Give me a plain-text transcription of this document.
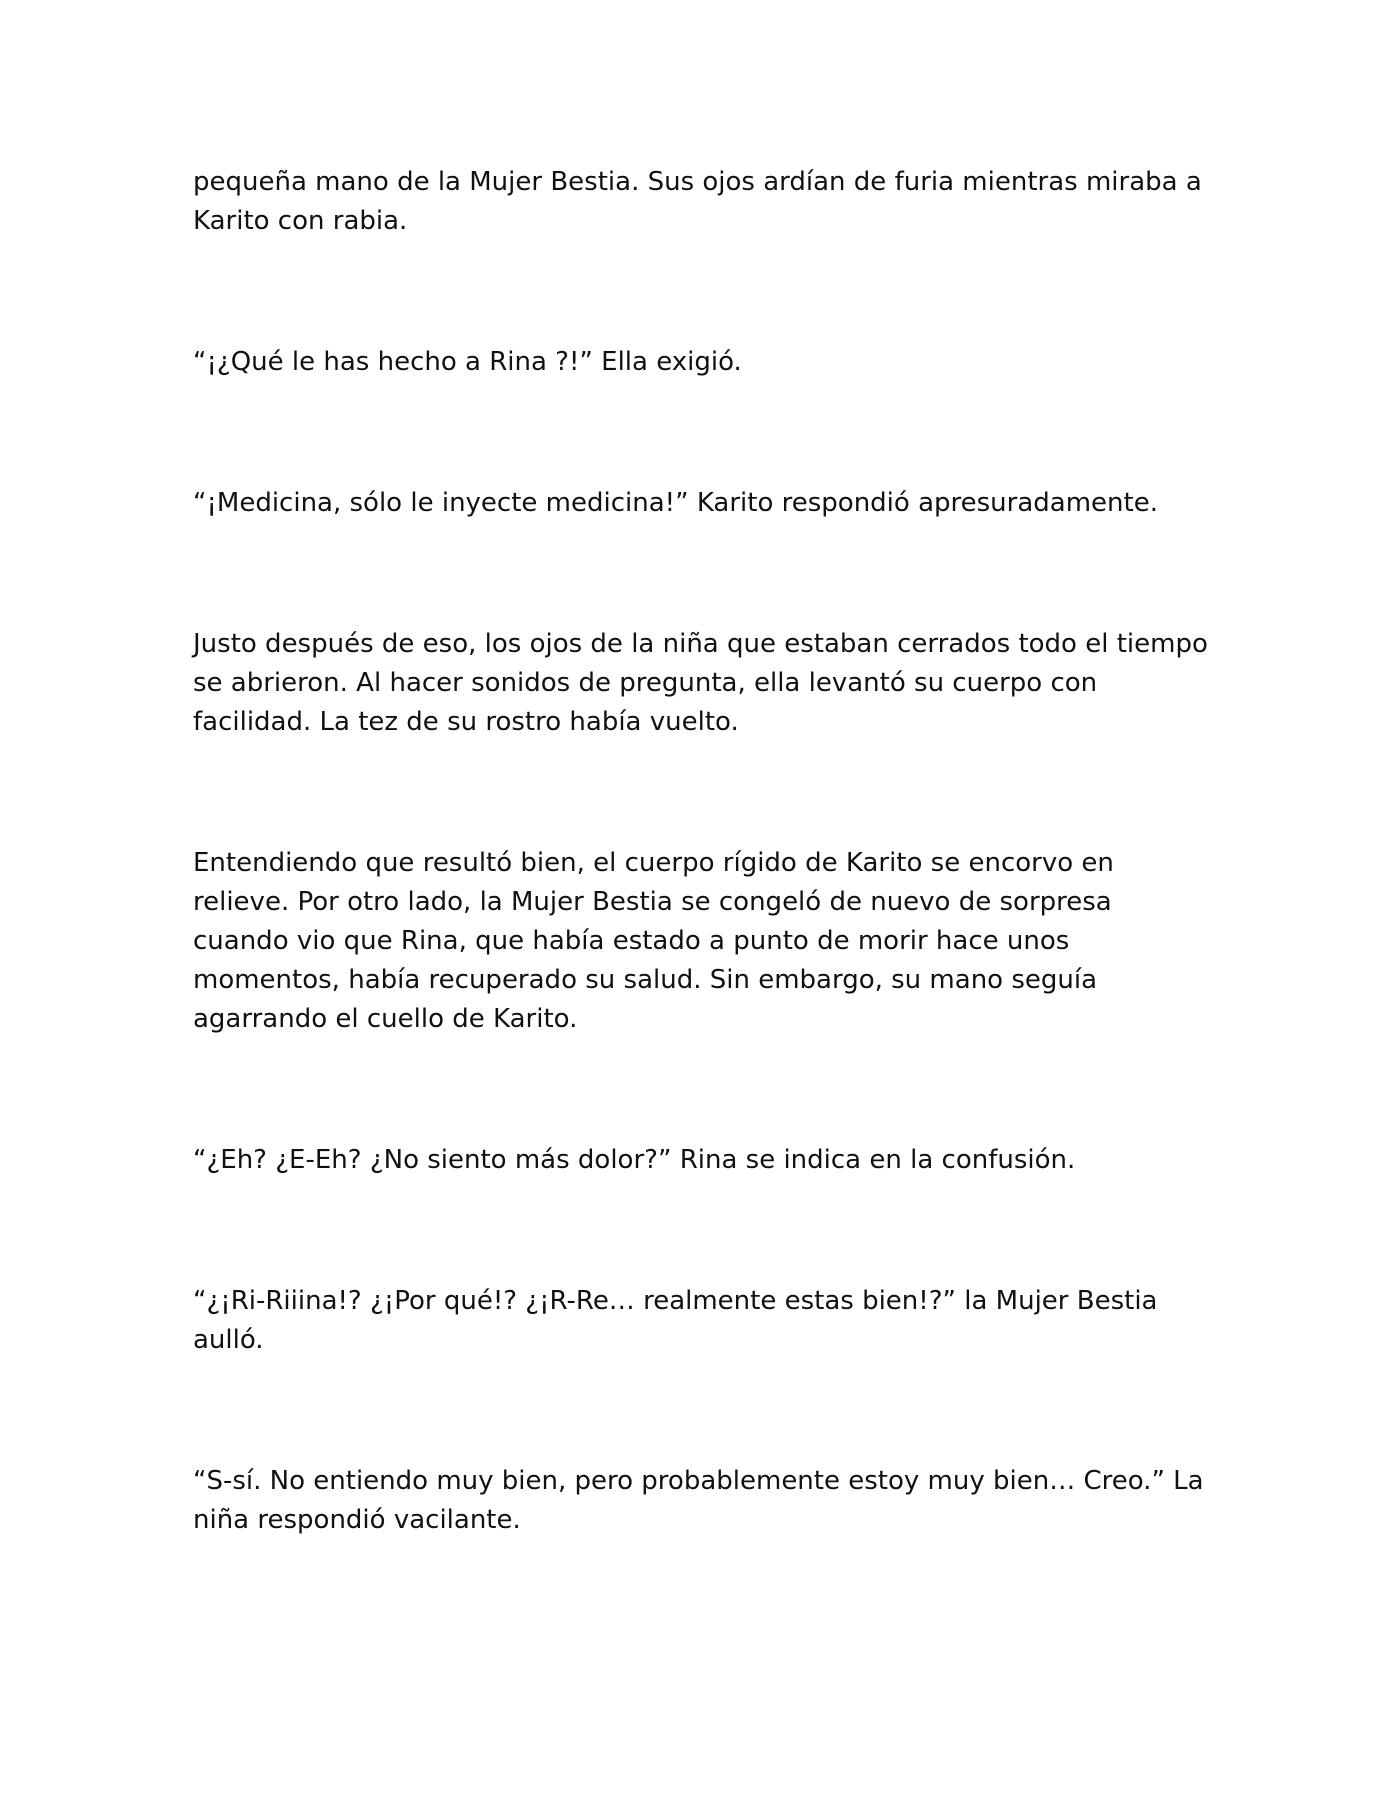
pequeña mano de la Mujer Bestia. Sus ojos ardían de furia mientras miraba a
Karito con rabia.

“¡¿Qué le has hecho a Rina ?!” Ella exigió.

“¡Medicina, sólo le inyecte medicina!” Karito respondió apresuradamente.

Justo después de eso, los ojos de la niña que estaban cerrados todo el tiempo
se abrieron. Al hacer sonidos de pregunta, ella levantó su cuerpo con
facilidad. La tez de su rostro había vuelto.

Entendiendo que resultó bien, el cuerpo rígido de Karito se encorvo en
relieve. Por otro lado, la Mujer Bestia se congeló de nuevo de sorpresa
cuando vio que Rina, que había estado a punto de morir hace unos
momentos, había recuperado su salud. Sin embargo, su mano seguía
agarrando el cuello de Karito.

“¿Eh? ¿E-Eh? ¿No siento más dolor?” Rina se indica en la confusión.

“¿¡Ri-Riiina!? ¿¡Por qué!? ¿¡R-Re… realmente estas bien!?” la Mujer Bestia
aulló.

“S-sí. No entiendo muy bien, pero probablemente estoy muy bien… Creo.” La
niña respondió vacilante.
